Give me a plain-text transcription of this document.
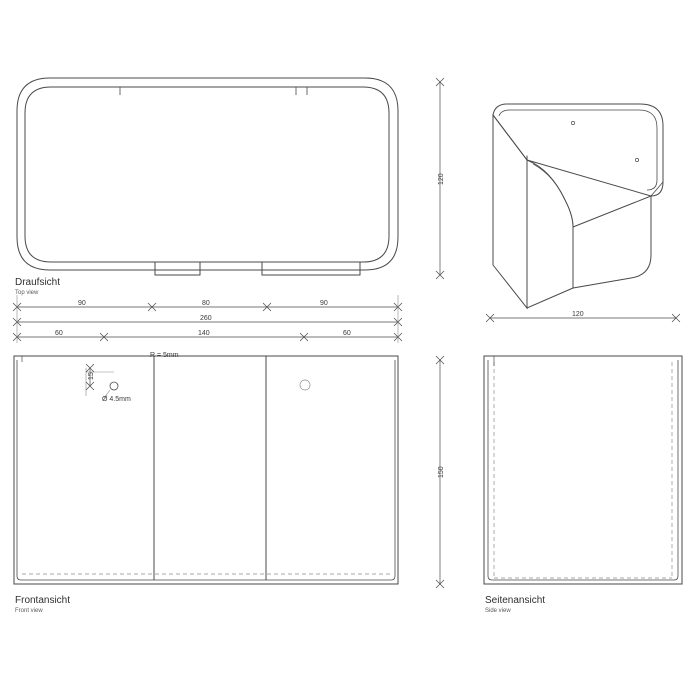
Draufsicht
Top view
90	80	90
260
60	140	60
120
120
R = 5mm
15
Ø 4.5mm
Frontansicht
Front view
150
Seitenansicht
Side view
